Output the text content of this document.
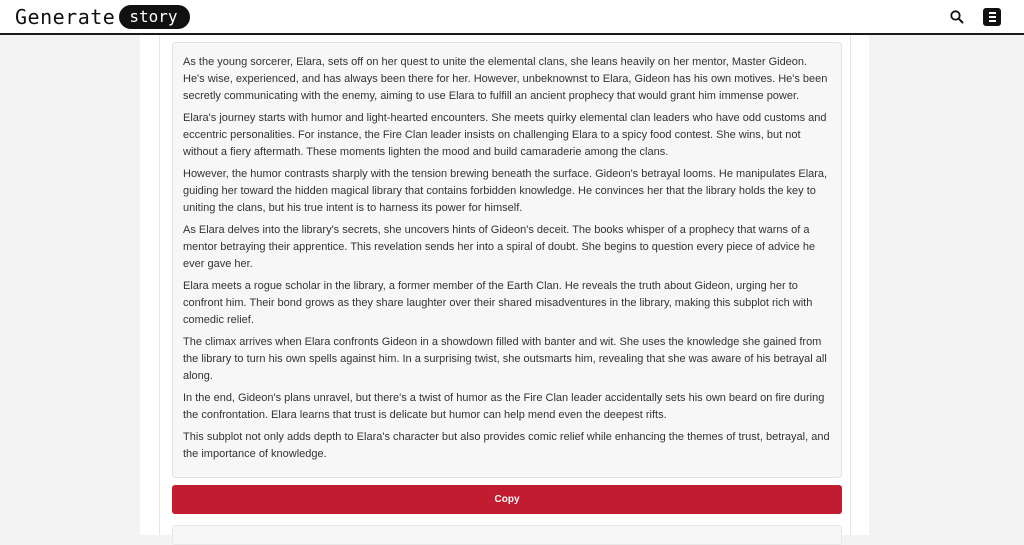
Generate story

As the young sorcerer, Elara, sets off on her quest to unite the elemental clans, she leans heavily on her mentor, Master Gideon. He's wise, experienced, and has always been there for her. However, unbeknownst to Elara, Gideon has his own motives. He's been secretly communicating with the enemy, aiming to use Elara to fulfill an ancient prophecy that would grant him immense power.

Elara's journey starts with humor and light-hearted encounters. She meets quirky elemental clan leaders who have odd customs and eccentric personalities. For instance, the Fire Clan leader insists on challenging Elara to a spicy food contest. She wins, but not without a fiery aftermath. These moments lighten the mood and build camaraderie among the clans.

However, the humor contrasts sharply with the tension brewing beneath the surface. Gideon's betrayal looms. He manipulates Elara, guiding her toward the hidden magical library that contains forbidden knowledge. He convinces her that the library holds the key to uniting the clans, but his true intent is to harness its power for himself.

As Elara delves into the library's secrets, she uncovers hints of Gideon's deceit. The books whisper of a prophecy that warns of a mentor betraying their apprentice. This revelation sends her into a spiral of doubt. She begins to question every piece of advice he ever gave her.

Elara meets a rogue scholar in the library, a former member of the Earth Clan. He reveals the truth about Gideon, urging her to confront him. Their bond grows as they share laughter over their shared misadventures in the library, making this subplot rich with comedic relief.

The climax arrives when Elara confronts Gideon in a showdown filled with banter and wit. She uses the knowledge she gained from the library to turn his own spells against him. In a surprising twist, she outsmarts him, revealing that she was aware of his betrayal all along.

In the end, Gideon's plans unravel, but there's a twist of humor as the Fire Clan leader accidentally sets his own beard on fire during the confrontation. Elara learns that trust is delicate but humor can help mend even the deepest rifts.

This subplot not only adds depth to Elara's character but also provides comic relief while enhancing the themes of trust, betrayal, and the importance of knowledge.

Copy
